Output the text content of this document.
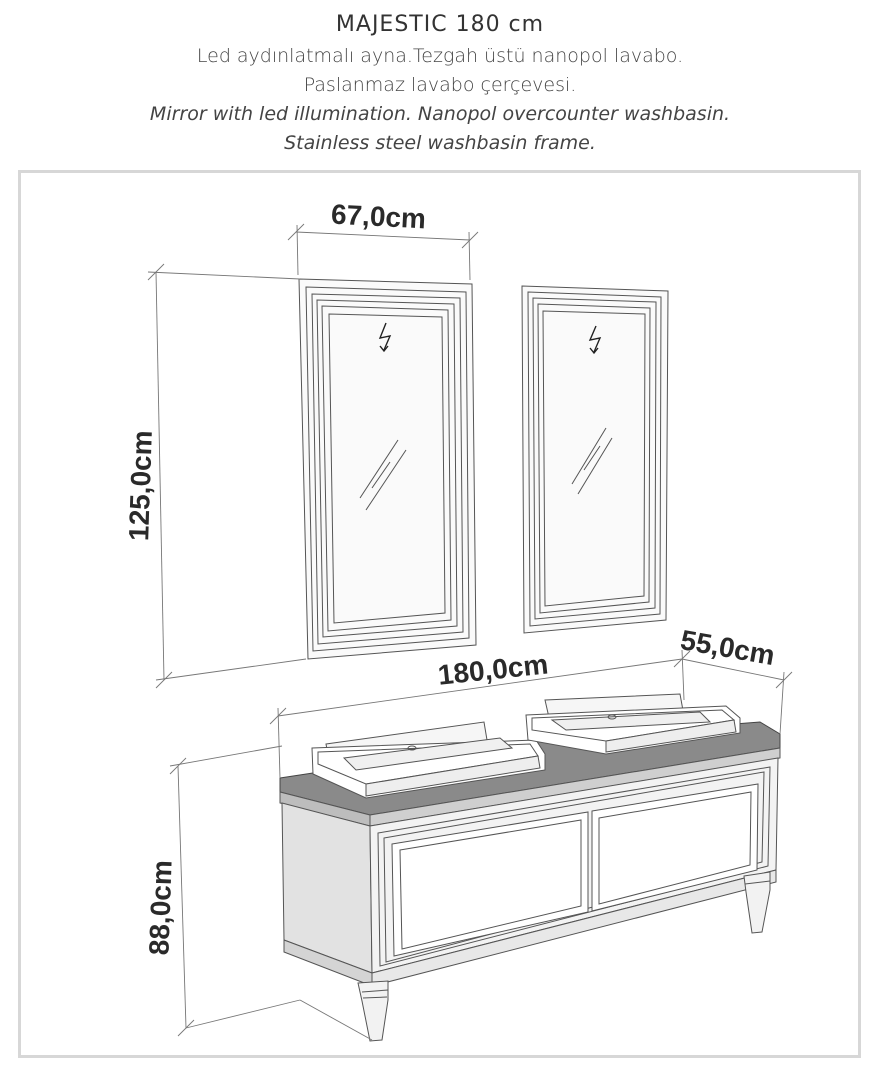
MAJESTIC 180 cm

Led aydınlatmalı ayna.Tezgah üstü nanopol lavabo.

Paslanmaz lavabo çerçevesi.

Mirror with led illumination. Nanopol overcounter washbasin.

Stainless steel washbasin frame.

67,0cm
125,0cm
180,0cm	55,0cm
88,0cm
